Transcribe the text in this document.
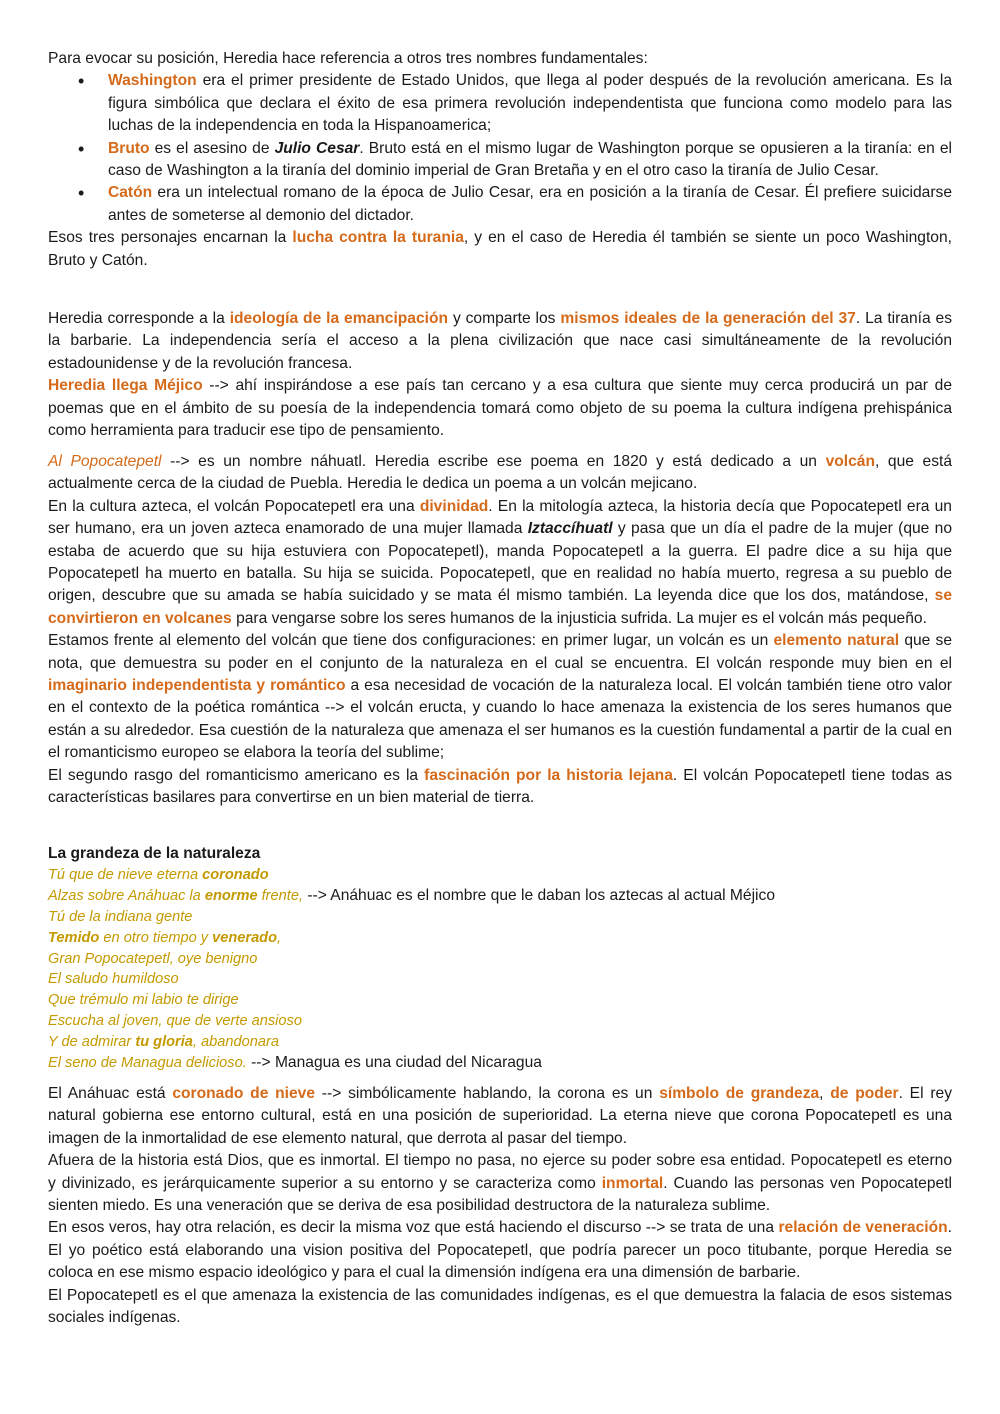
Para evocar su posición, Heredia hace referencia a otros tres nombres fundamentales:

• Washington era el primer presidente de Estado Unidos, que llega al poder después de la revolución americana. Es la figura simbólica que declara el éxito de esa primera revolución independentista que funciona como modelo para las luchas de la independencia en toda la Hispanoamerica;
• Bruto es el asesino de Julio Cesar. Bruto está en el mismo lugar de Washington porque se opusieren a la tiranía: en el caso de Washington a la tiranía del dominio imperial de Gran Bretaña y en el otro caso la tiranía de Julio Cesar.
• Catón era un intelectual romano de la época de Julio Cesar, era en posición a la tiranía de Cesar. Él prefiere suicidarse antes de someterse al demonio del dictador.

Esos tres personajes encarnan la lucha contra la turania, y en el caso de Heredia él también se siente un poco Washington, Bruto y Catón.

Heredia corresponde a la ideología de la emancipación y comparte los mismos ideales de la generación del 37. La tiranía es la barbarie. La independencia sería el acceso a la plena civilización que nace casi simultáneamente de la revolución estadounidense y de la revolución francesa.

Heredia llega Méjico --> ahí inspirándose a ese país tan cercano y a esa cultura que siente muy cerca producirá un par de poemas que en el ámbito de su poesía de la independencia tomará como objeto de su poema la cultura indígena prehispánica como herramienta para traducir ese tipo de pensamiento.

Al Popocatepetl --> es un nombre náhuatl. Heredia escribe ese poema en 1820 y está dedicado a un volcán, que está actualmente cerca de la ciudad de Puebla. Heredia le dedica un poema a un volcán mejicano.

En la cultura azteca, el volcán Popocatepetl era una divinidad. En la mitología azteca, la historia decía que Popocatepetl era un ser humano, era un joven azteca enamorado de una mujer llamada Iztaccíhuatl y pasa que un día el padre de la mujer (que no estaba de acuerdo que su hija estuviera con Popocatepetl), manda Popocatepetl a la guerra. El padre dice a su hija que Popocatepetl ha muerto en batalla. Su hija se suicida. Popocatepetl, que en realidad no había muerto, regresa a su pueblo de origen, descubre que su amada se había suicidado y se mata él mismo también. La leyenda dice que los dos, matándose, se convirtieron en volcanes para vengarse sobre los seres humanos de la injusticia sufrida. La mujer es el volcán más pequeño.

Estamos frente al elemento del volcán que tiene dos configuraciones: en primer lugar, un volcán es un elemento natural que se nota, que demuestra su poder en el conjunto de la naturaleza en el cual se encuentra. El volcán responde muy bien en el imaginario independentista y romántico a esa necesidad de vocación de la naturaleza local. El volcán también tiene otro valor en el contexto de la poética romántica --> el volcán eructa, y cuando lo hace amenaza la existencia de los seres humanos que están a su alrededor. Esa cuestión de la naturaleza que amenaza el ser humanos es la cuestión fundamental a partir de la cual en el romanticismo europeo se elabora la teoría del sublime;

El segundo rasgo del romanticismo americano es la fascinación por la historia lejana. El volcán Popocatepetl tiene todas as características basilares para convertirse en un bien material de tierra.

La grandeza de la naturaleza

Tú que de nieve eterna coronado
Alzas sobre Anáhuac la enorme frente, --> Anáhuac es el nombre que le daban los aztecas al actual Méjico
Tú de la indiana gente
Temido en otro tiempo y venerado,
Gran Popocatepetl, oye benigno
El saludo humildoso
Que trémulo mi labio te dirige
Escucha al joven, que de verte ansioso
Y de admirar tu gloria, abandonara
El seno de Managua delicioso. --> Managua es una ciudad del Nicaragua

El Anáhuac está coronado de nieve --> simbólicamente hablando, la corona es un símbolo de grandeza, de poder. El rey natural gobierna ese entorno cultural, está en una posición de superioridad. La eterna nieve que corona Popocatepetl es una imagen de la inmortalidad de ese elemento natural, que derrota al pasar del tiempo.

Afuera de la historia está Dios, que es inmortal. El tiempo no pasa, no ejerce su poder sobre esa entidad. Popocatepetl es eterno y divinizado, es jerárquicamente superior a su entorno y se caracteriza como inmortal. Cuando las personas ven Popocatepetl sienten miedo. Es una veneración que se deriva de esa posibilidad destructora de la naturaleza sublime.

En esos veros, hay otra relación, es decir la misma voz que está haciendo el discurso --> se trata de una relación de veneración. El yo poético está elaborando una vision positiva del Popocatepetl, que podría parecer un poco titubante, porque Heredia se coloca en ese mismo espacio ideológico y para el cual la dimensión indígena era una dimensión de barbarie.

El Popocatepetl es el que amenaza la existencia de las comunidades indígenas, es el que demuestra la falacia de esos sistemas sociales indígenas.
